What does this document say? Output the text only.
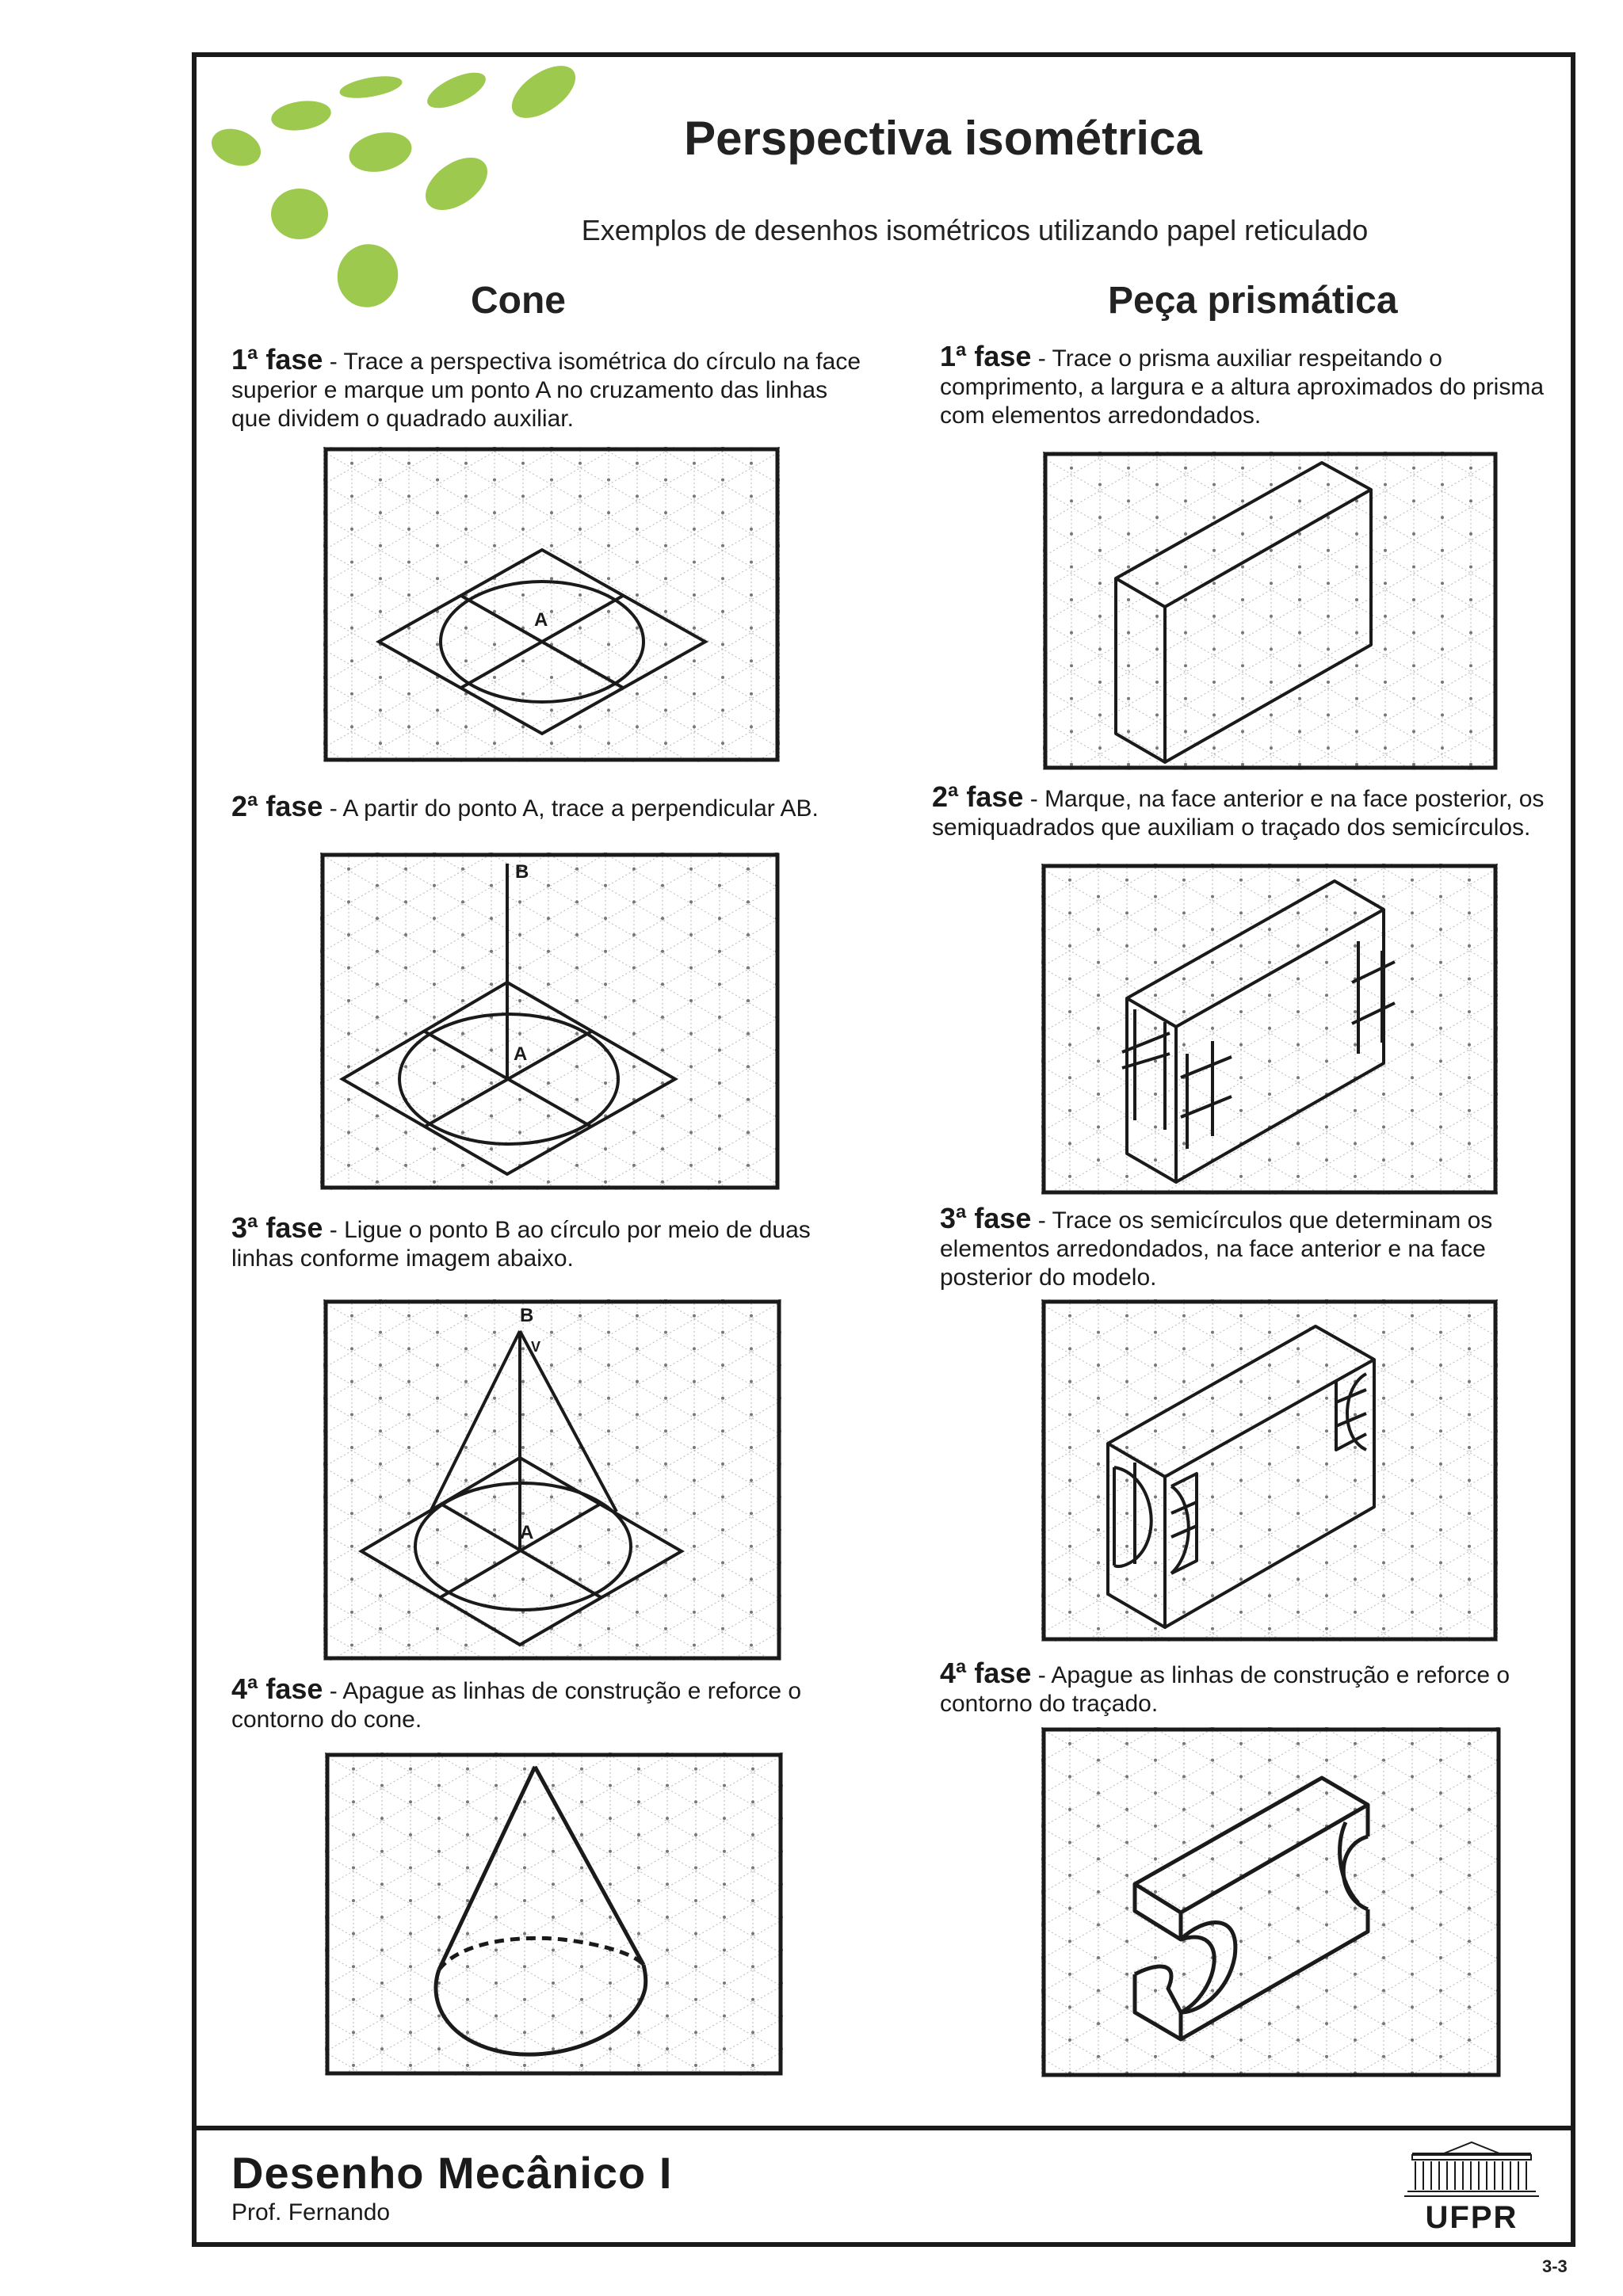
Perspectiva isométrica
Exemplos de desenhos isométricos utilizando papel reticulado
Cone	Peça prismática
1ª fase - Trace a perspectiva isométrica do círculo na face superior e marque um ponto A no cruzamento das linhas que dividem o quadrado auxiliar.
2ª fase - A partir do ponto A, trace a perpendicular AB.
3ª fase - Ligue o ponto B ao círculo por meio de duas linhas conforme imagem abaixo.
4ª fase - Apague as linhas de construção e reforce o contorno do cone.
1ª fase - Trace o prisma auxiliar respeitando o comprimento, a largura e a altura aproximados do prisma com elementos arredondados.
2ª fase - Marque, na face anterior e na face posterior, os semiquadrados que auxiliam o traçado dos semicírculos.
3ª fase - Trace os semicírculos que determinam os elementos arredondados, na face anterior e na face posterior do modelo.
4ª fase - Apague as linhas de construção e reforce o contorno do traçado.
A
B
A
B
V
A
Desenho Mecânico I
Prof. Fernando	UFPR
3-3
